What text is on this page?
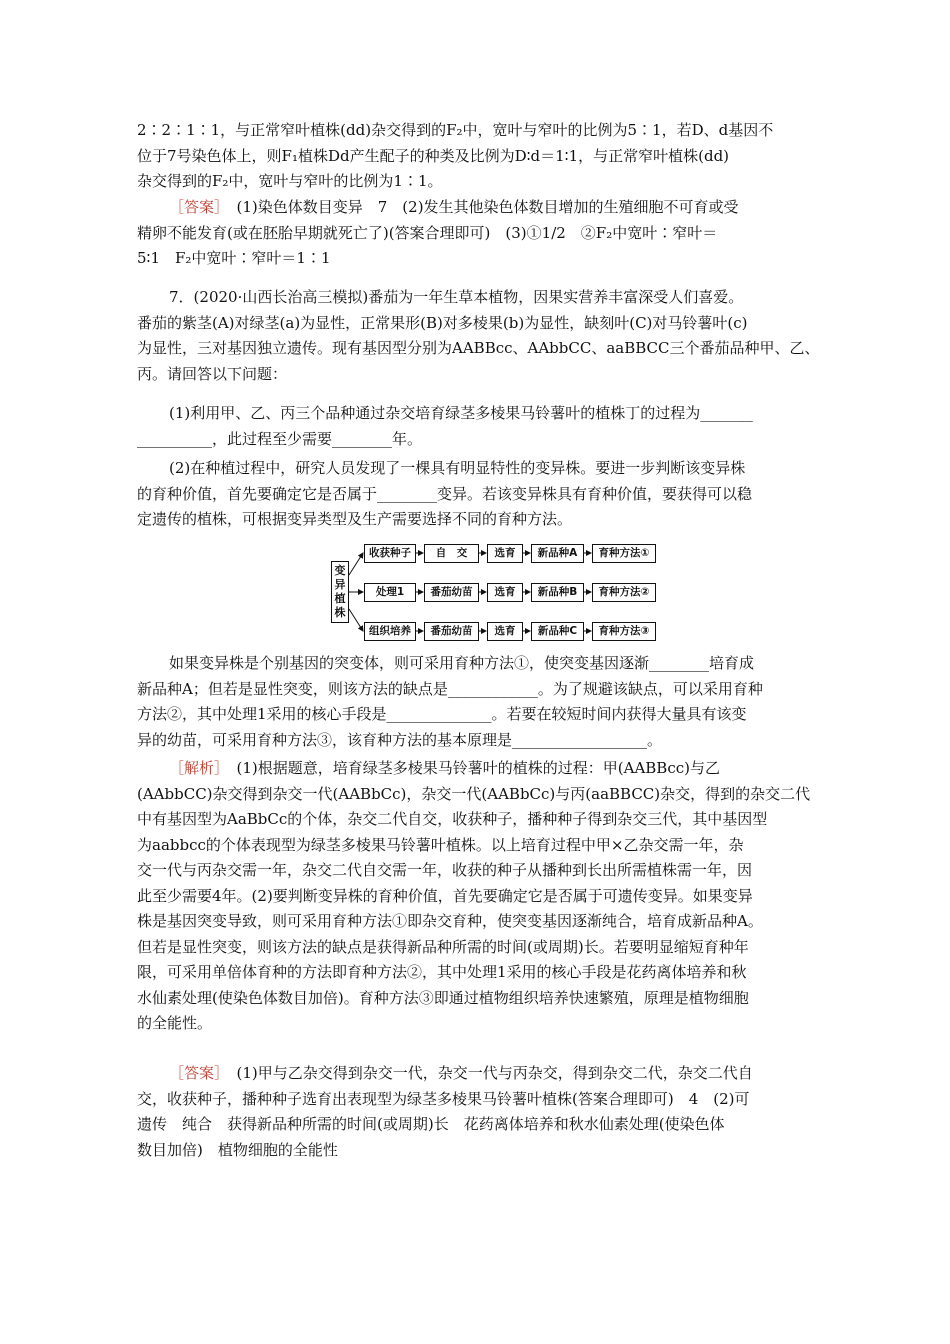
2∶2∶1∶1，与正常窄叶植株(dd)杂交得到的F₂中，宽叶与窄叶的比例为5∶1，若D、d基因不
位于7号染色体上，则F₁植株Dd产生配子的种类及比例为D∶d＝1∶1，与正常窄叶植株(dd)
杂交得到的F₂中，宽叶与窄叶的比例为1∶1。
［答案］　(1)染色体数目变异　7　(2)发生其他染色体数目增加的生殖细胞不可育或受
精卵不能发育(或在胚胎早期就死亡了)(答案合理即可)　(3)①1/2　②F₂中宽叶∶窄叶＝
5∶1　F₂中宽叶∶窄叶＝1∶1
7．(2020·山西长治高三模拟)番茄为一年生草本植物，因果实营养丰富深受人们喜爱。
番茄的紫茎(A)对绿茎(a)为显性，正常果形(B)对多棱果(b)为显性，缺刻叶(C)对马铃薯叶(c)
为显性，三对基因独立遗传。现有基因型分别为AABBcc、AAbbCC、aaBBCC三个番茄品种甲、乙、
丙。请回答以下问题：
(1)利用甲、乙、丙三个品种通过杂交培育绿茎多棱果马铃薯叶的植株丁的过程为_______
__________，此过程至少需要________年。
(2)在种植过程中，研究人员发现了一棵具有明显特性的变异株。要进一步判断该变异株
的育种价值，首先要确定它是否属于________变异。若该变异株具有育种价值，要获得可以稳
定遗传的植株，可根据变异类型及生产需要选择不同的育种方法。
变
异
植
株
收获种子	自　交	选育	新品种A	育种方法①
处理1	番茄幼苗	选育	新品种B	育种方法②
组织培养	番茄幼苗	选育	新品种C	育种方法③
如果变异株是个别基因的突变体，则可采用育种方法①，使突变基因逐渐________培育成
新品种A；但若是显性突变，则该方法的缺点是____________。为了规避该缺点，可以采用育种
方法②，其中处理1采用的核心手段是______________。若要在较短时间内获得大量具有该变
异的幼苗，可采用育种方法③，该育种方法的基本原理是__________________。
［解析］　(1)根据题意，培育绿茎多棱果马铃薯叶的植株的过程：甲(AABBcc)与乙
(AAbbCC)杂交得到杂交一代(AABbCc)，杂交一代(AABbCc)与丙(aaBBCC)杂交，得到的杂交二代
中有基因型为AaBbCc的个体，杂交二代自交，收获种子，播种种子得到杂交三代，其中基因型
为aabbcc的个体表现型为绿茎多棱果马铃薯叶植株。以上培育过程中甲×乙杂交需一年，杂
交一代与丙杂交需一年，杂交二代自交需一年，收获的种子从播种到长出所需植株需一年，因
此至少需要4年。(2)要判断变异株的育种价值，首先要确定它是否属于可遗传变异。如果变异
株是基因突变导致，则可采用育种方法①即杂交育种，使突变基因逐渐纯合，培育成新品种A。
但若是显性突变，则该方法的缺点是获得新品种所需的时间(或周期)长。若要明显缩短育种年
限，可采用单倍体育种的方法即育种方法②，其中处理1采用的核心手段是花药离体培养和秋
水仙素处理(使染色体数目加倍)。育种方法③即通过植物组织培养快速繁殖，原理是植物细胞
的全能性。
［答案］　(1)甲与乙杂交得到杂交一代，杂交一代与丙杂交，得到杂交二代，杂交二代自
交，收获种子，播种种子选育出表现型为绿茎多棱果马铃薯叶植株(答案合理即可)　4　(2)可
遗传　纯合　获得新品种所需的时间(或周期)长　花药离体培养和秋水仙素处理(使染色体
数目加倍)　植物细胞的全能性
